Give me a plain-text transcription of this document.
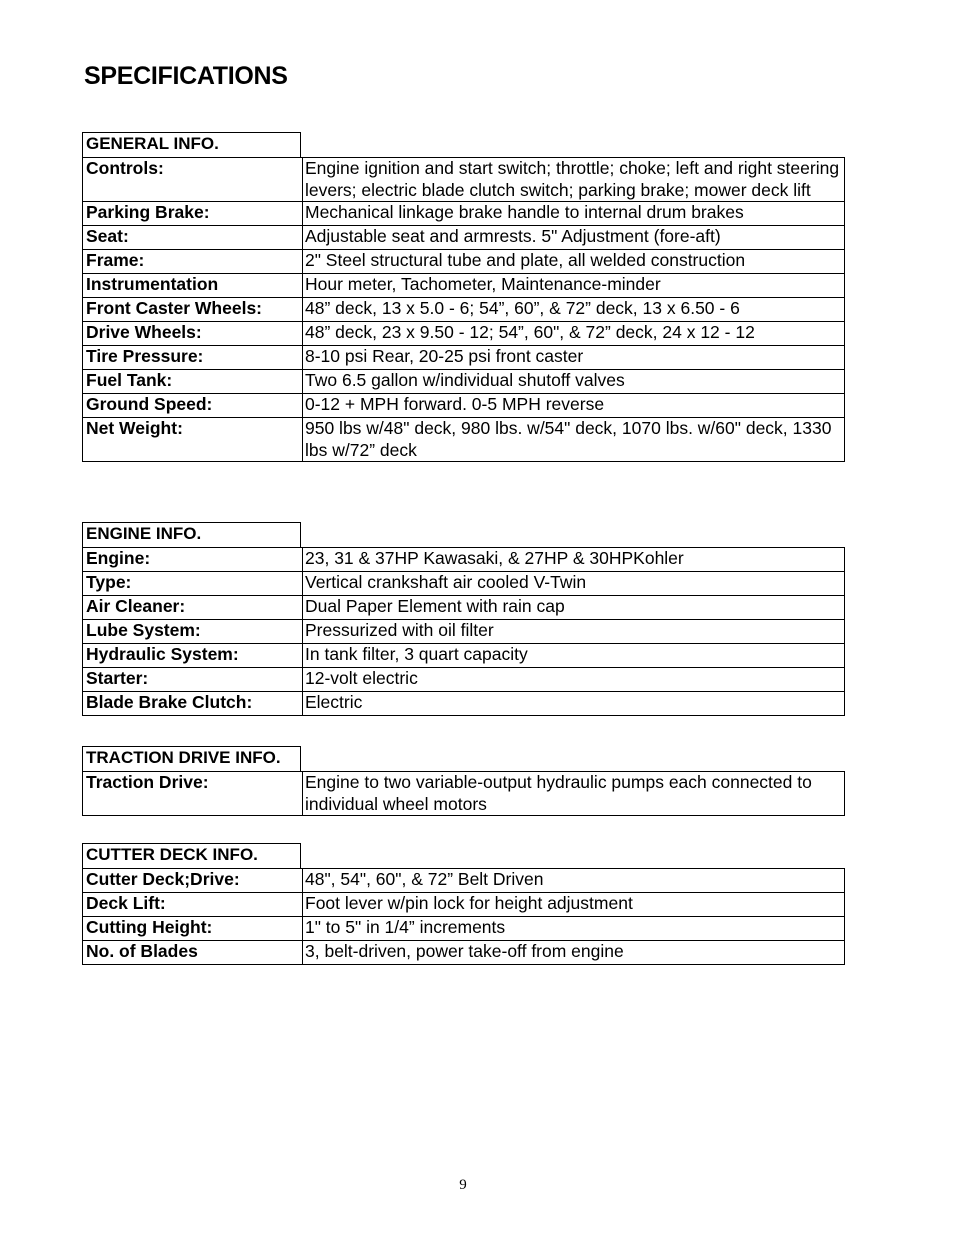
SPECIFICATIONS
GENERAL INFO.
Controls:	Engine ignition and start switch; throttle; choke; left and right steering levers; electric blade clutch switch; parking brake; mower deck lift
Parking Brake:	Mechanical linkage brake handle to internal drum brakes
Seat:	Adjustable seat and armrests. 5" Adjustment (fore-aft)
Frame:	2" Steel structural tube and plate, all welded construction
Instrumentation	Hour meter, Tachometer, Maintenance-minder
Front Caster Wheels:	48” deck, 13 x 5.0 - 6; 54”, 60”, & 72” deck, 13 x 6.50 - 6
Drive Wheels:	48” deck, 23 x 9.50 - 12; 54”, 60", & 72” deck, 24 x 12 - 12
Tire Pressure:	8-10 psi Rear, 20-25 psi front caster
Fuel Tank:	Two 6.5 gallon w/individual shutoff valves
Ground Speed:	0-12 + MPH forward. 0-5 MPH reverse
Net Weight:	950 lbs w/48" deck, 980 lbs. w/54" deck, 1070 lbs. w/60" deck, 1330 lbs w/72” deck
ENGINE INFO.
Engine:	23, 31 & 37HP Kawasaki, & 27HP & 30HPKohler
Type:	Vertical crankshaft air cooled V-Twin
Air Cleaner:	Dual Paper Element with rain cap
Lube System:	Pressurized with oil filter
Hydraulic System:	In tank filter, 3 quart capacity
Starter:	12-volt electric
Blade Brake Clutch:	Electric
TRACTION DRIVE INFO.
Traction Drive:	Engine to two variable-output hydraulic pumps each connected to individual wheel motors
CUTTER DECK INFO.
Cutter Deck;Drive:	48", 54", 60", & 72” Belt Driven
Deck Lift:	Foot lever w/pin lock for height adjustment
Cutting Height:	1" to 5" in 1/4” increments
No. of Blades	3, belt-driven, power take-off from engine
9
